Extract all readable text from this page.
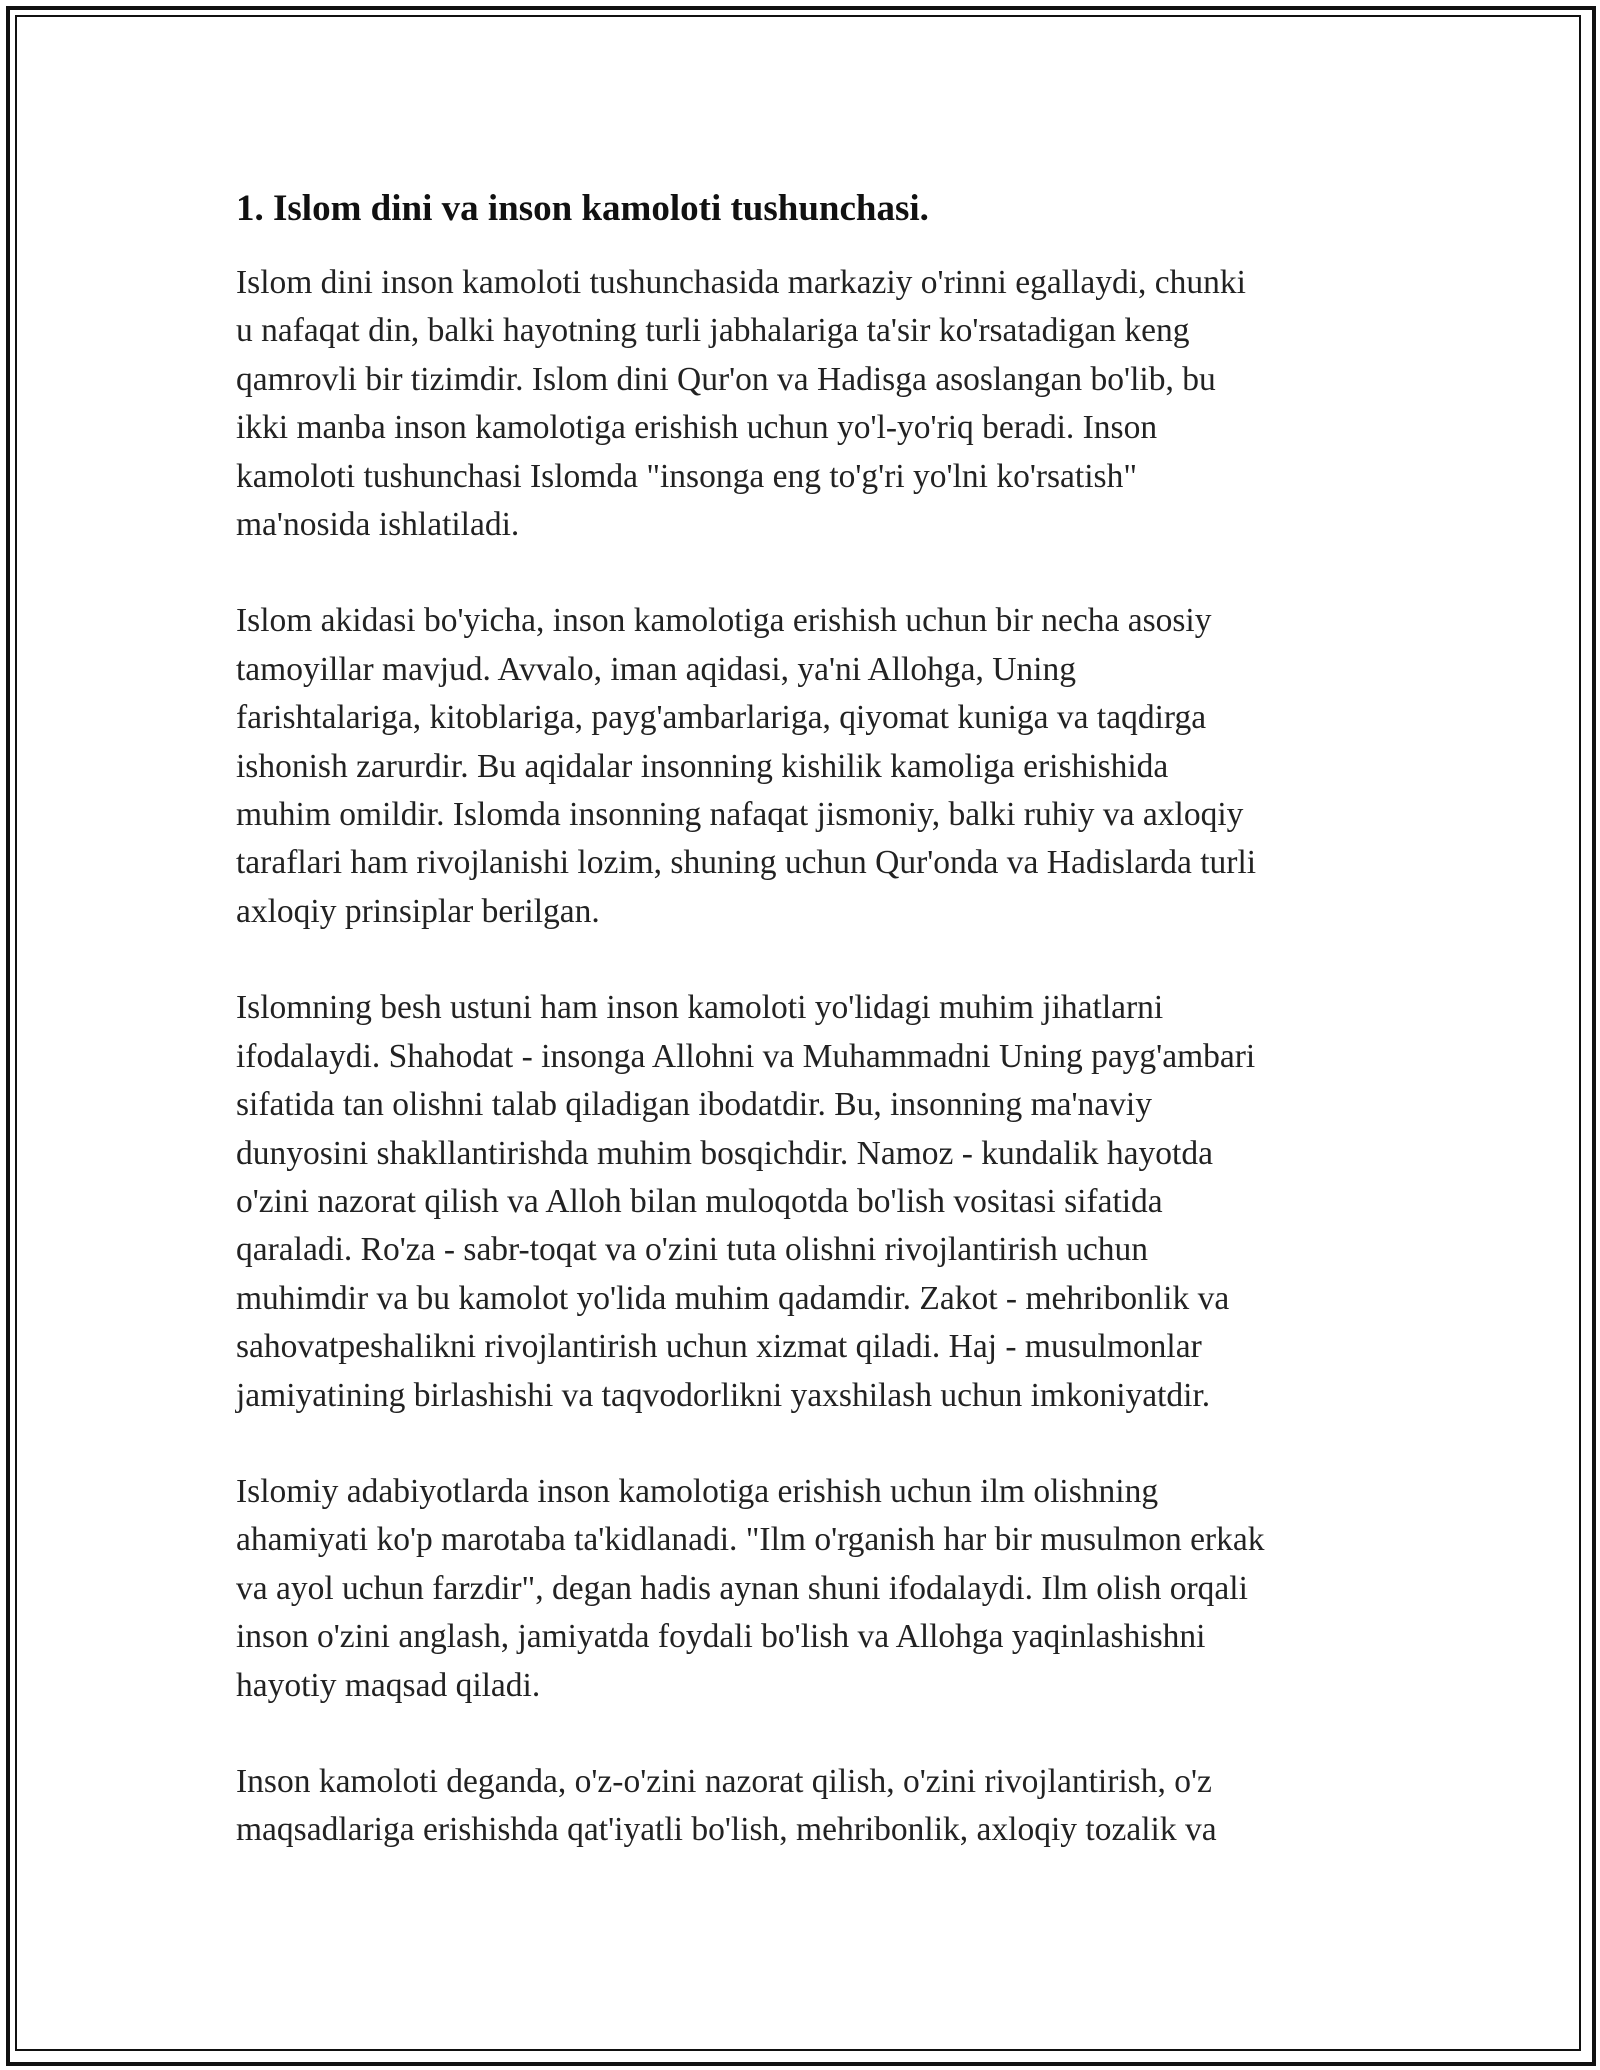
1. Islom dini va inson kamoloti tushunchasi.
Islom dini inson kamoloti tushunchasida markaziy o'rinni egallaydi, chunki
u nafaqat din, balki hayotning turli jabhalariga ta'sir ko'rsatadigan keng
qamrovli bir tizimdir. Islom dini Qur'on va Hadisga asoslangan bo'lib, bu
ikki manba inson kamolotiga erishish uchun yo'l-yo'riq beradi. Inson
kamoloti tushunchasi Islomda "insonga eng to'g'ri yo'lni ko'rsatish"
ma'nosida ishlatiladi.
Islom akidasi bo'yicha, inson kamolotiga erishish uchun bir necha asosiy
tamoyillar mavjud. Avvalo, iman aqidasi, ya'ni Allohga, Uning
farishtalariga, kitoblariga, payg'ambarlariga, qiyomat kuniga va taqdirga
ishonish zarurdir. Bu aqidalar insonning kishilik kamoliga erishishida
muhim omildir. Islomda insonning nafaqat jismoniy, balki ruhiy va axloqiy
taraflari ham rivojlanishi lozim, shuning uchun Qur'onda va Hadislarda turli
axloqiy prinsiplar berilgan.
Islomning besh ustuni ham inson kamoloti yo'lidagi muhim jihatlarni
ifodalaydi. Shahodat - insonga Allohni va Muhammadni Uning payg'ambari
sifatida tan olishni talab qiladigan ibodatdir. Bu, insonning ma'naviy
dunyosini shakllantirishda muhim bosqichdir. Namoz - kundalik hayotda
o'zini nazorat qilish va Alloh bilan muloqotda bo'lish vositasi sifatida
qaraladi. Ro'za - sabr-toqat va o'zini tuta olishni rivojlantirish uchun
muhimdir va bu kamolot yo'lida muhim qadamdir. Zakot - mehribonlik va
sahovatpeshalikni rivojlantirish uchun xizmat qiladi. Haj - musulmonlar
jamiyatining birlashishi va taqvodorlikni yaxshilash uchun imkoniyatdir.
Islomiy adabiyotlarda inson kamolotiga erishish uchun ilm olishning
ahamiyati ko'p marotaba ta'kidlanadi. "Ilm o'rganish har bir musulmon erkak
va ayol uchun farzdir", degan hadis aynan shuni ifodalaydi. Ilm olish orqali
inson o'zini anglash, jamiyatda foydali bo'lish va Allohga yaqinlashishni
hayotiy maqsad qiladi.
Inson kamoloti deganda, o'z-o'zini nazorat qilish, o'zini rivojlantirish, o'z
maqsadlariga erishishda qat'iyatli bo'lish, mehribonlik, axloqiy tozalik va
